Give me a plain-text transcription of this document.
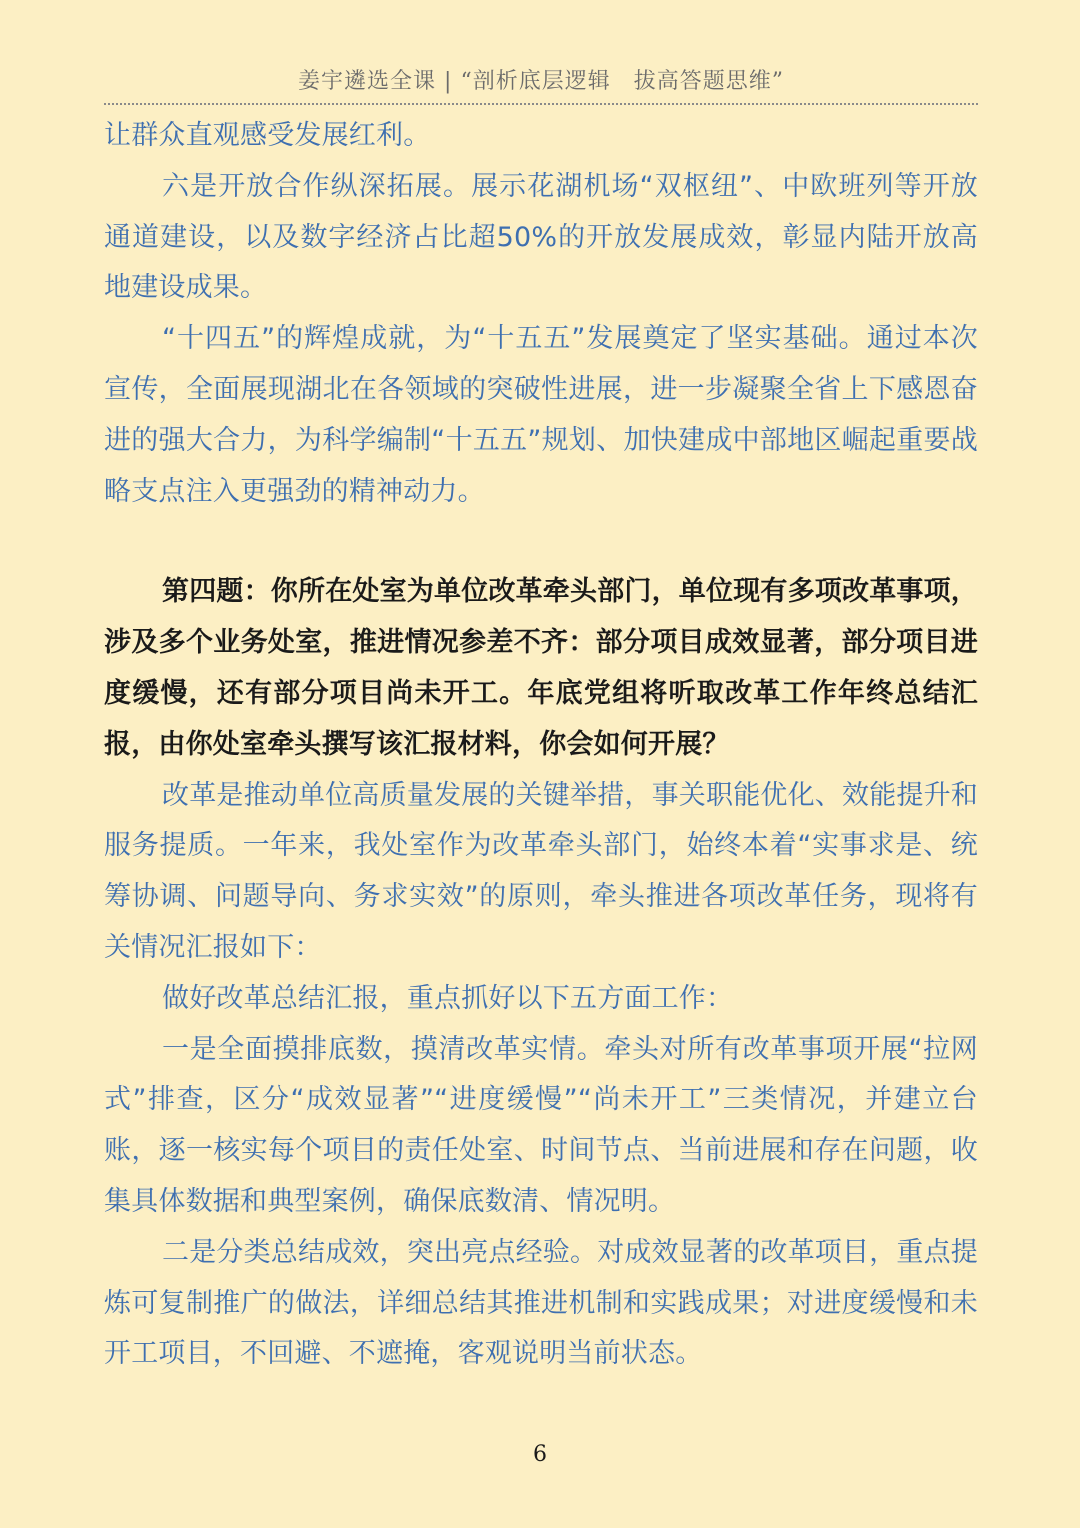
姜宇遴选全课 | “剖析底层逻辑　拔高答题思维”

让群众直观感受发展红利。

六是开放合作纵深拓展。展示花湖机场“双枢纽”、中欧班列等开放通道建设，以及数字经济占比超50%的开放发展成效，彰显内陆开放高地建设成果。

“十四五”的辉煌成就，为“十五五”发展奠定了坚实基础。通过本次宣传，全面展现湖北在各领域的突破性进展，进一步凝聚全省上下感恩奋进的强大合力，为科学编制“十五五”规划、加快建成中部地区崛起重要战略支点注入更强劲的精神动力。

第四题：你所在处室为单位改革牵头部门，单位现有多项改革事项，涉及多个业务处室，推进情况参差不齐：部分项目成效显著，部分项目进度缓慢，还有部分项目尚未开工。年底党组将听取改革工作年终总结汇报，由你处室牵头撰写该汇报材料，你会如何开展？

改革是推动单位高质量发展的关键举措，事关职能优化、效能提升和服务提质。一年来，我处室作为改革牵头部门，始终本着“实事求是、统筹协调、问题导向、务求实效”的原则，牵头推进各项改革任务，现将有关情况汇报如下：

做好改革总结汇报，重点抓好以下五方面工作：

一是全面摸排底数，摸清改革实情。牵头对所有改革事项开展“拉网式”排查，区分“成效显著”“进度缓慢”“尚未开工”三类情况，并建立台账，逐一核实每个项目的责任处室、时间节点、当前进展和存在问题，收集具体数据和典型案例，确保底数清、情况明。

二是分类总结成效，突出亮点经验。对成效显著的改革项目，重点提炼可复制推广的做法，详细总结其推进机制和实践成果；对进度缓慢和未开工项目，不回避、不遮掩，客观说明当前状态。

6
